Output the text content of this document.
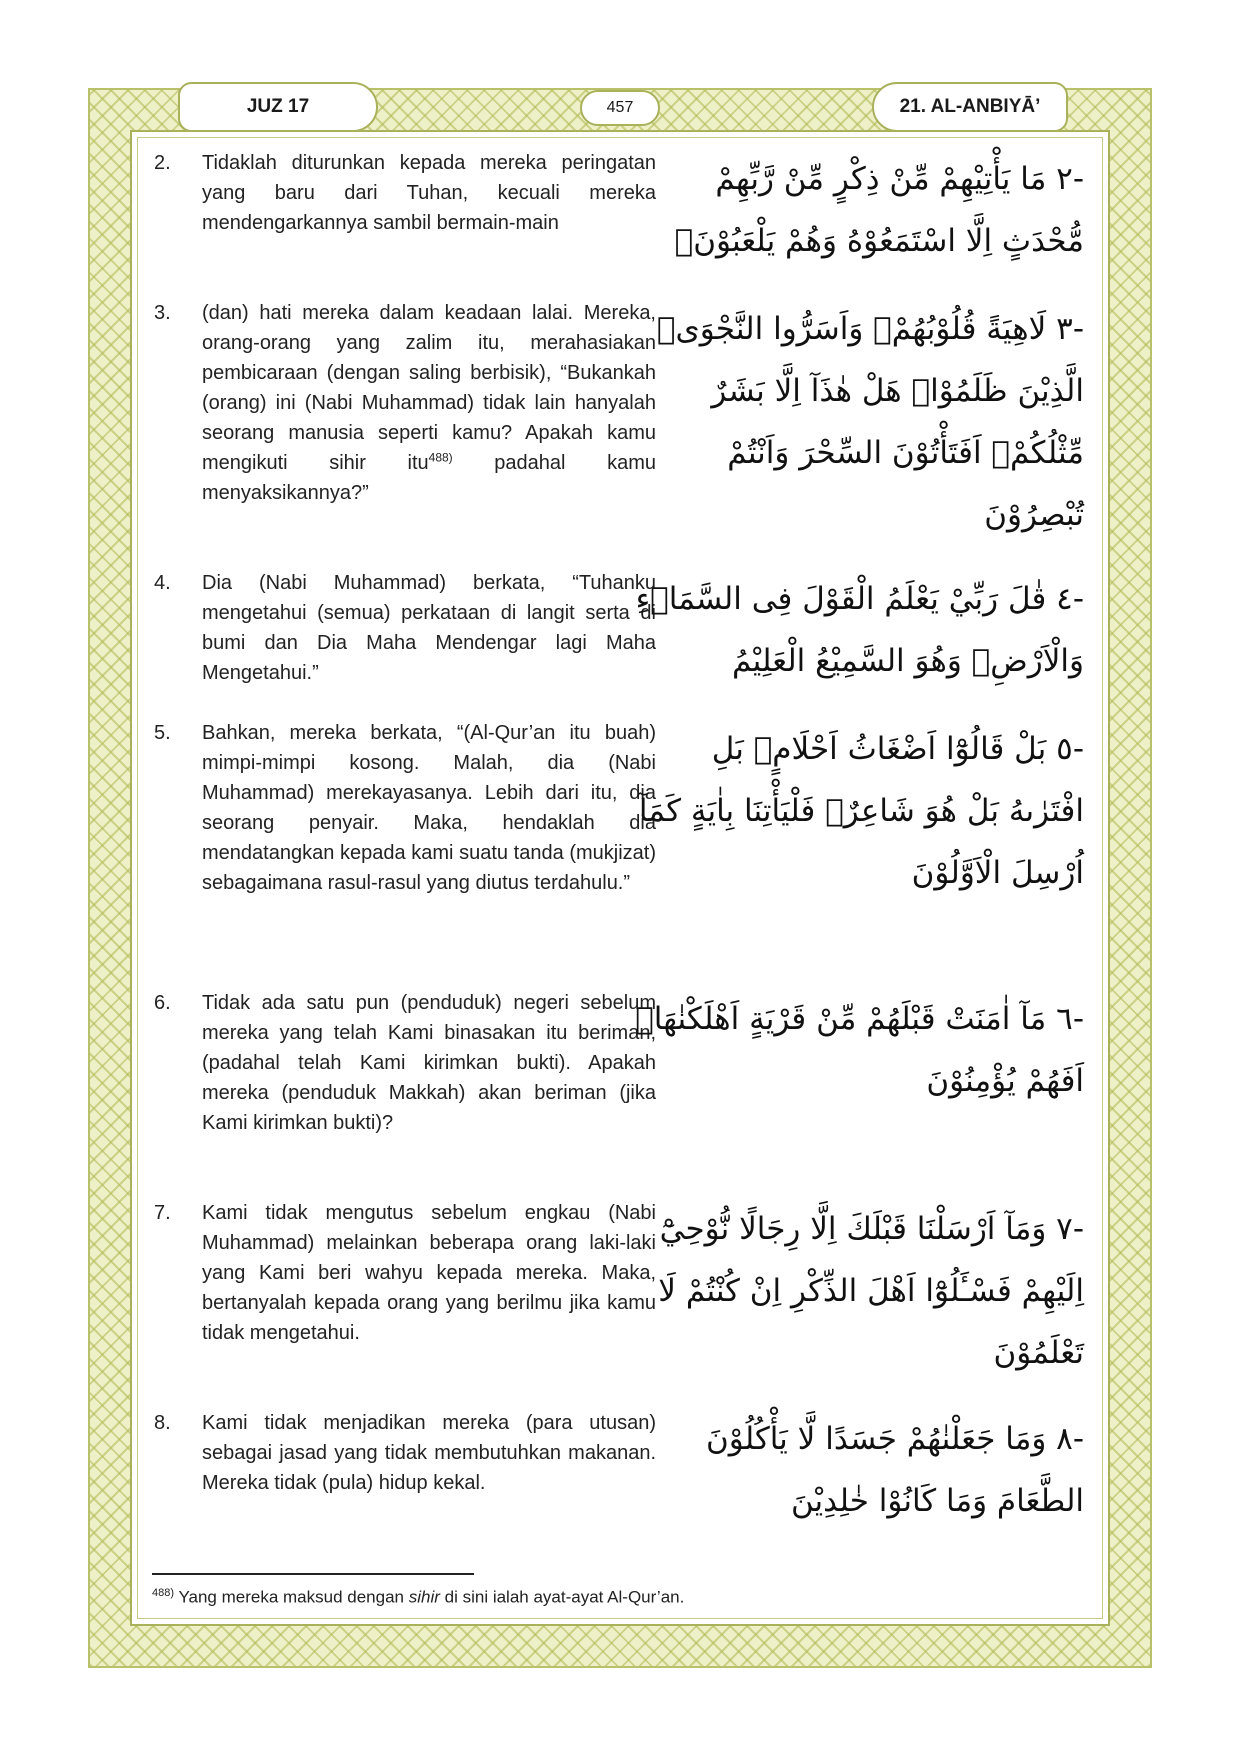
JUZ 17	457	21. AL-ANBIYĀ’
2.	Tidaklah diturunkan kepada mereka peringatan yang baru dari Tuhan, kecuali mereka mendengarkannya sambil bermain-main
-٢ مَا يَأْتِيْهِمْ مِّنْ ذِكْرٍ مِّنْ رَّبِّهِمْ مُّحْدَثٍ اِلَّا اسْتَمَعُوْهُ وَهُمْ يَلْعَبُوْنَۙ
3.	(dan) hati mereka dalam keadaan lalai. Mereka, orang-orang yang zalim itu, merahasiakan pembicaraan (dengan saling berbisik), “Bukankah (orang) ini (Nabi Muhammad) tidak lain hanyalah seorang manusia seperti kamu? Apakah kamu mengikuti sihir itu$^{488)}$ padahal kamu menyaksikannya?”
-٣ لَاهِيَةً قُلُوْبُهُمْۗ وَاَسَرُّوا النَّجْوَىۖ الَّذِيْنَ ظَلَمُوْاۖ هَلْ هٰذَآ اِلَّا بَشَرٌ مِّثْلُكُمْۚ اَفَتَأْتُوْنَ السِّحْرَ وَاَنْتُمْ تُبْصِرُوْنَ
4.	Dia (Nabi Muhammad) berkata, “Tuhanku mengetahui (semua) perkataan di langit serta di bumi dan Dia Maha Mendengar lagi Maha Mengetahui.”
-٤ قٰلَ رَبِّيْ يَعْلَمُ الْقَوْلَ فِى السَّمَاۤءِ وَالْاَرْضِۖ وَهُوَ السَّمِيْعُ الْعَلِيْمُ
5.	Bahkan, mereka berkata, “(Al-Qur’an itu buah) mimpi-mimpi kosong. Malah, dia (Nabi Muhammad) merekayasanya. Lebih dari itu, dia seorang penyair. Maka, hendaklah dia mendatangkan kepada kami suatu tanda (mukjizat) sebagaimana rasul-rasul yang diutus terdahulu.”
-٥ بَلْ قَالُوْٓا اَضْغَاثُ اَحْلَامٍۢ بَلِ افْتَرٰىهُ بَلْ هُوَ شَاعِرٌۚ فَلْيَأْتِنَا بِاٰيَةٍ كَمَآ اُرْسِلَ الْاَوَّلُوْنَ
6.	Tidak ada satu pun (penduduk) negeri sebelum mereka yang telah Kami binasakan itu beriman, (padahal telah Kami kirimkan bukti). Apakah mereka (penduduk Makkah) akan beriman (jika Kami kirimkan bukti)?
-٦ مَآ اٰمَنَتْ قَبْلَهُمْ مِّنْ قَرْيَةٍ اَهْلَكْنٰهَاۚ اَفَهُمْ يُؤْمِنُوْنَ
7.	Kami tidak mengutus sebelum engkau (Nabi Muhammad) melainkan beberapa orang laki-laki yang Kami beri wahyu kepada mereka. Maka, bertanyalah kepada orang yang berilmu jika kamu tidak mengetahui.
-٧ وَمَآ اَرْسَلْنَا قَبْلَكَ اِلَّا رِجَالًا نُّوْحِيْٓ اِلَيْهِمْ فَسْـَٔلُوْٓا اَهْلَ الذِّكْرِ اِنْ كُنْتُمْ لَا تَعْلَمُوْنَ
8.	Kami tidak menjadikan mereka (para utusan) sebagai jasad yang tidak membutuhkan makanan. Mereka tidak (pula) hidup kekal.
-٨ وَمَا جَعَلْنٰهُمْ جَسَدًا لَّا يَأْكُلُوْنَ الطَّعَامَ وَمَا كَانُوْا خٰلِدِيْنَ
$^{488)}$ Yang mereka maksud dengan sihir di sini ialah ayat-ayat Al-Qur’an.
